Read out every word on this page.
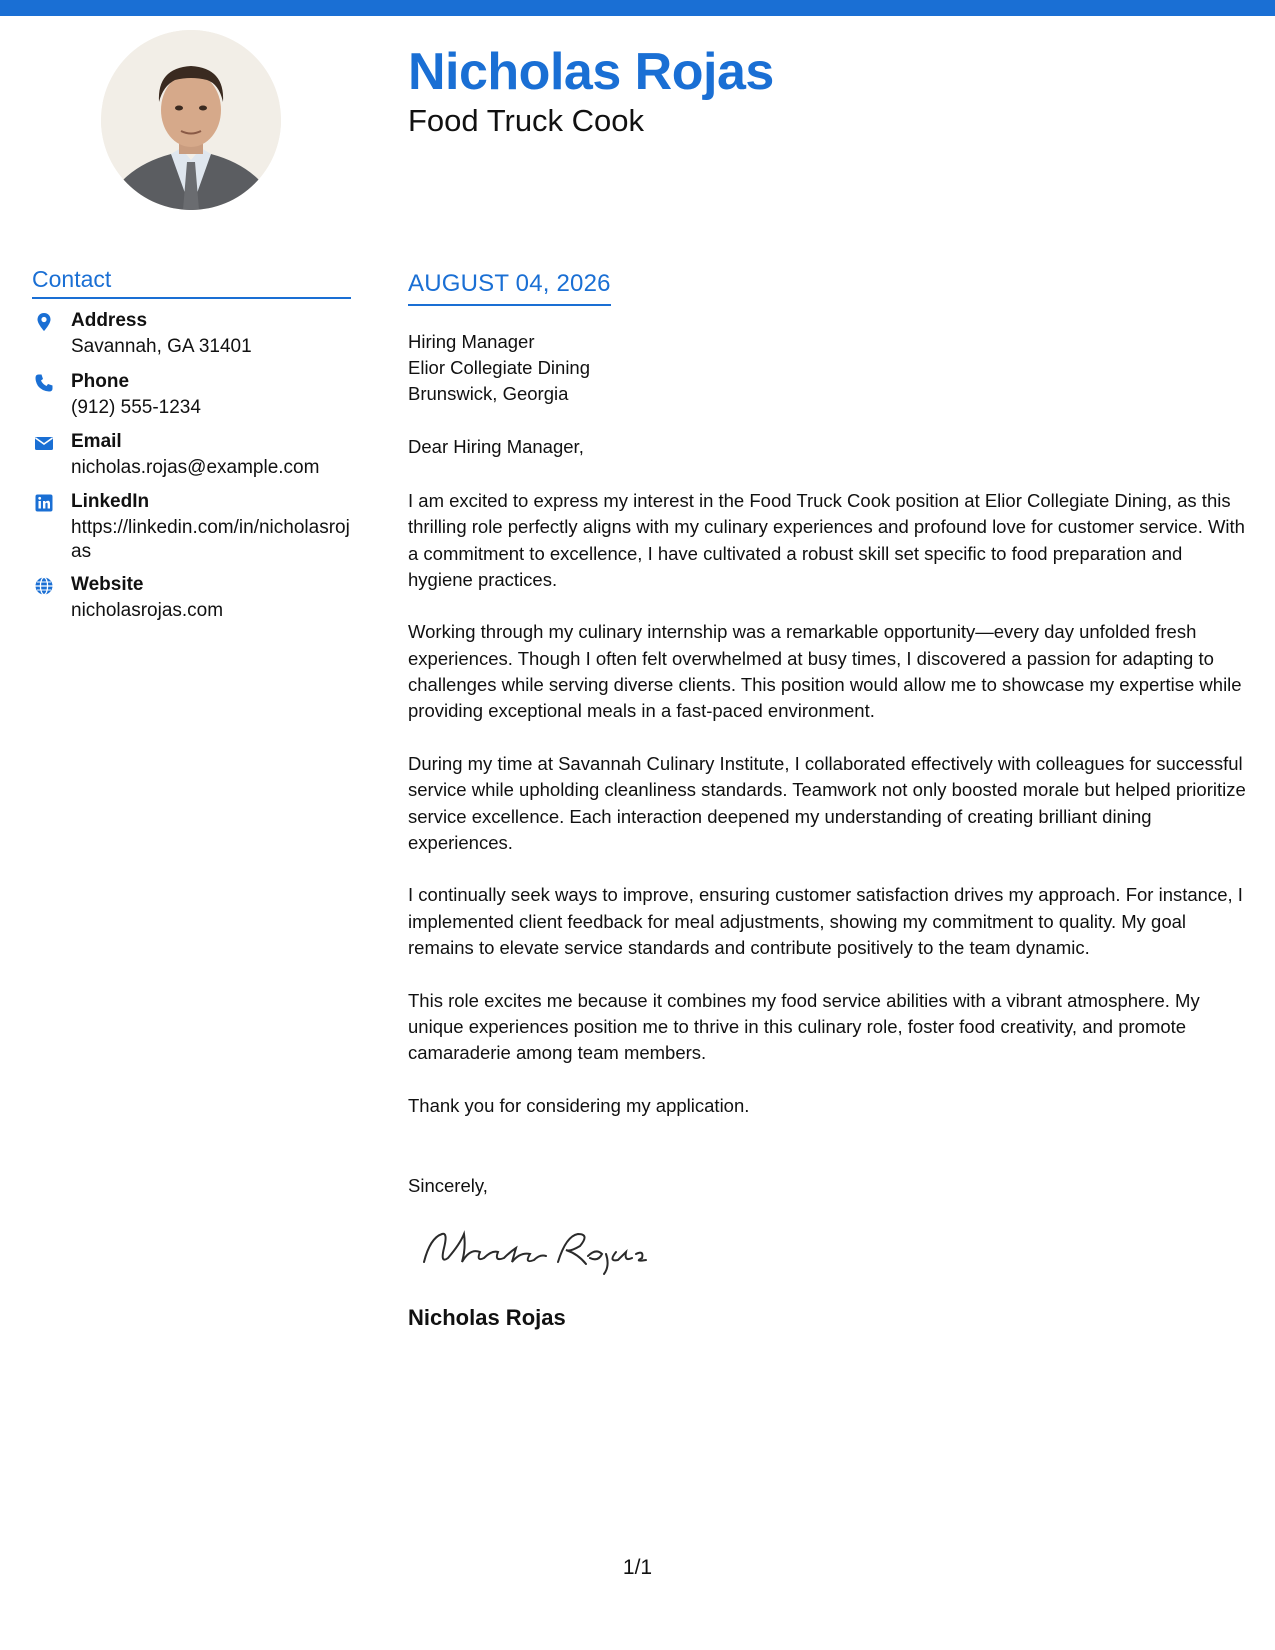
Nicholas Rojas
Food Truck Cook
Contact
Address
Savannah, GA 31401
Phone
(912) 555-1234
Email
nicholas.rojas@example.com
LinkedIn
https://linkedin.com/in/nicholasrojas
Website
nicholasrojas.com
AUGUST 04, 2026
Hiring Manager
Elior Collegiate Dining
Brunswick, Georgia
Dear Hiring Manager,

I am excited to express my interest in the Food Truck Cook position at Elior Collegiate Dining, as this thrilling role perfectly aligns with my culinary experiences and profound love for customer service. With a commitment to excellence, I have cultivated a robust skill set specific to food preparation and hygiene practices.

Working through my culinary internship was a remarkable opportunity—every day unfolded fresh experiences. Though I often felt overwhelmed at busy times, I discovered a passion for adapting to challenges while serving diverse clients. This position would allow me to showcase my expertise while providing exceptional meals in a fast-paced environment.

During my time at Savannah Culinary Institute, I collaborated effectively with colleagues for successful service while upholding cleanliness standards. Teamwork not only boosted morale but helped prioritize service excellence. Each interaction deepened my understanding of creating brilliant dining experiences.

I continually seek ways to improve, ensuring customer satisfaction drives my approach. For instance, I implemented client feedback for meal adjustments, showing my commitment to quality. My goal remains to elevate service standards and contribute positively to the team dynamic.

This role excites me because it combines my food service abilities with a vibrant atmosphere. My unique experiences position me to thrive in this culinary role, foster food creativity, and promote camaraderie among team members.

Thank you for considering my application.

Sincerely,
Nicholas Rojas
1/1
